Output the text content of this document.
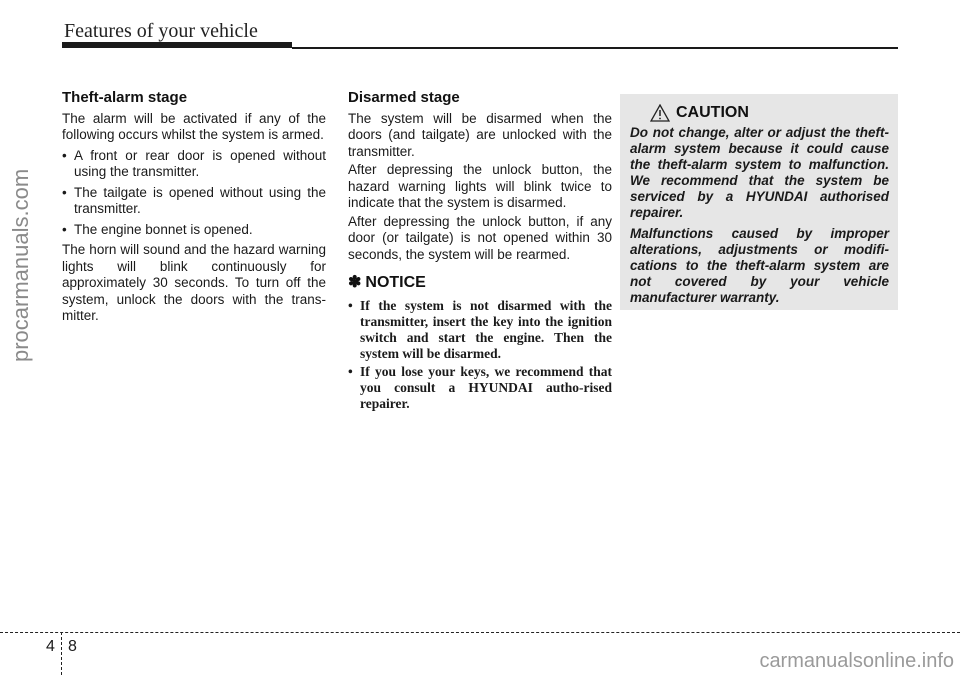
Features of your vehicle
procarmanuals.com
Theft-alarm stage

The alarm will be activated if any of the following occurs whilst the system is armed.

• A front or rear door is opened without using the transmitter.
• The tailgate is opened without using the transmitter.
• The engine bonnet is opened.

The horn will sound and the hazard warning lights will blink continuously for approximately 30 seconds. To turn off the system, unlock the doors with the trans-mitter.

Disarmed stage

The system will be disarmed when the doors (and tailgate) are unlocked with the transmitter.

After depressing the unlock button, the hazard warning lights will blink twice to indicate that the system is disarmed.

After depressing the unlock button, if any door (or tailgate) is not opened within 30 seconds, the system will be rearmed.

✽ NOTICE
• If the system is not disarmed with the transmitter, insert the key into the ignition switch and start the engine. Then the system will be disarmed.
• If you lose your keys, we recommend that you consult a HYUNDAI autho-rised repairer.
CAUTION

Do not change, alter or adjust the theft-alarm system because it could cause the theft-alarm system to malfunction. We recommend that the system be serviced by a HYUNDAI authorised repairer.

Malfunctions caused by improper alterations, adjustments or modifi-cations to the theft-alarm system are not covered by your vehicle manufacturer warranty.

4 8
carmanualsonline.info
